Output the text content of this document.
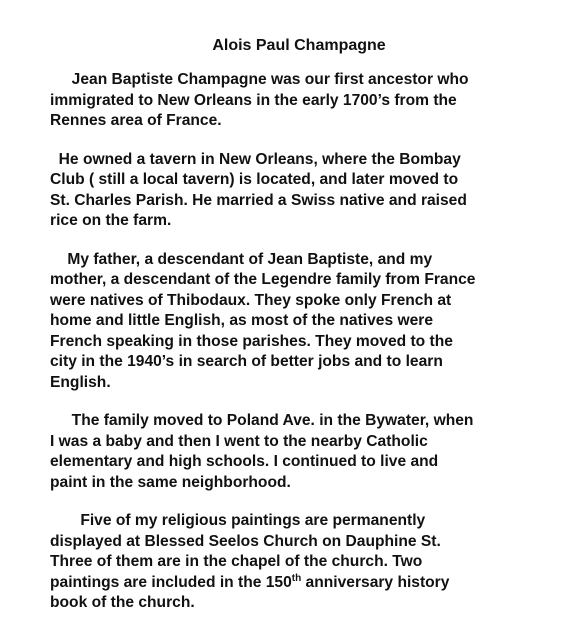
Alois Paul Champagne
Jean Baptiste Champagne was our first ancestor who
immigrated to New Orleans in the early 1700’s from the
Rennes area of France.
He owned a tavern in New Orleans, where the Bombay
Club ( still a local tavern) is located, and later moved to
St. Charles Parish. He married a Swiss native and raised
rice on the farm.
My father, a descendant of Jean Baptiste, and my
mother, a descendant of the Legendre family from France
were natives of Thibodaux. They spoke only French at
home and little English, as most of the natives were
French speaking in those parishes. They moved to the
city in the 1940’s in search of better jobs and to learn
English.
The family moved to Poland Ave. in the Bywater, when
I was a baby and then I went to the nearby Catholic
elementary and high schools. I continued to live and
paint in the same neighborhood.
Five of my religious paintings are permanently
displayed at Blessed Seelos Church on Dauphine St.
Three of them are in the chapel of the church. Two
paintings are included in the 150th anniversary history
book of the church.
